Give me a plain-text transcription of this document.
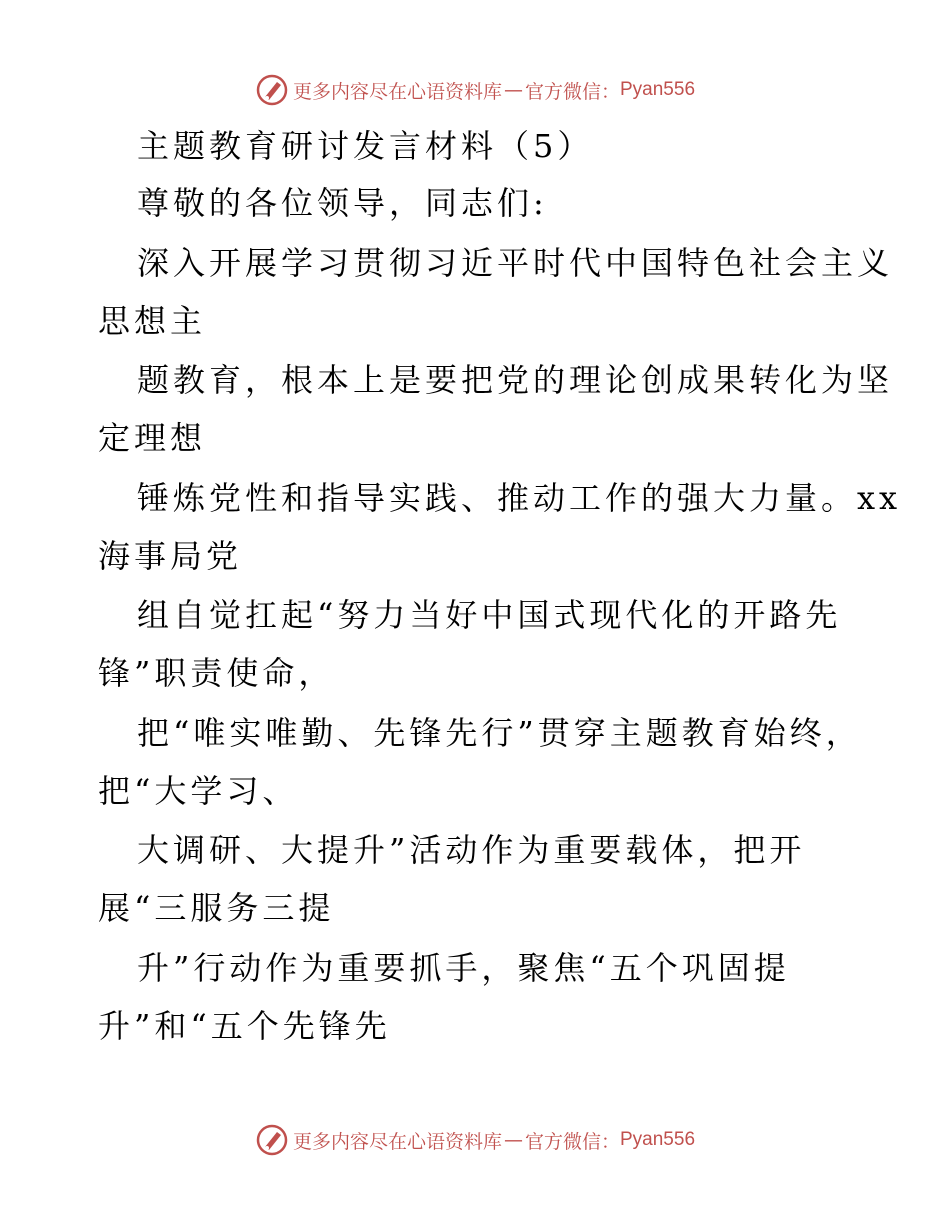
更多内容尽在心语资料库 — 官方微信： Pyan556
主题教育研讨发言材料（5）
尊敬的各位领导，同志们:
深入开展学习贯彻习近平时代中国特色社会主义
思想主
题教育，根本上是要把党的理论创成果转化为坚
定理想
锤炼党性和指导实践、推动工作的强大力量。xx
海事局党
组自觉扛起“努力当好中国式现代化的开路先
锋”职责使命，
把“唯实唯勤、先锋先行”贯穿主题教育始终，
把“大学习、
大调研、大提升”活动作为重要载体，把开
展“三服务三提
升”行动作为重要抓手，聚焦“五个巩固提
升”和“五个先锋先
更多内容尽在心语资料库 — 官方微信： Pyan556
